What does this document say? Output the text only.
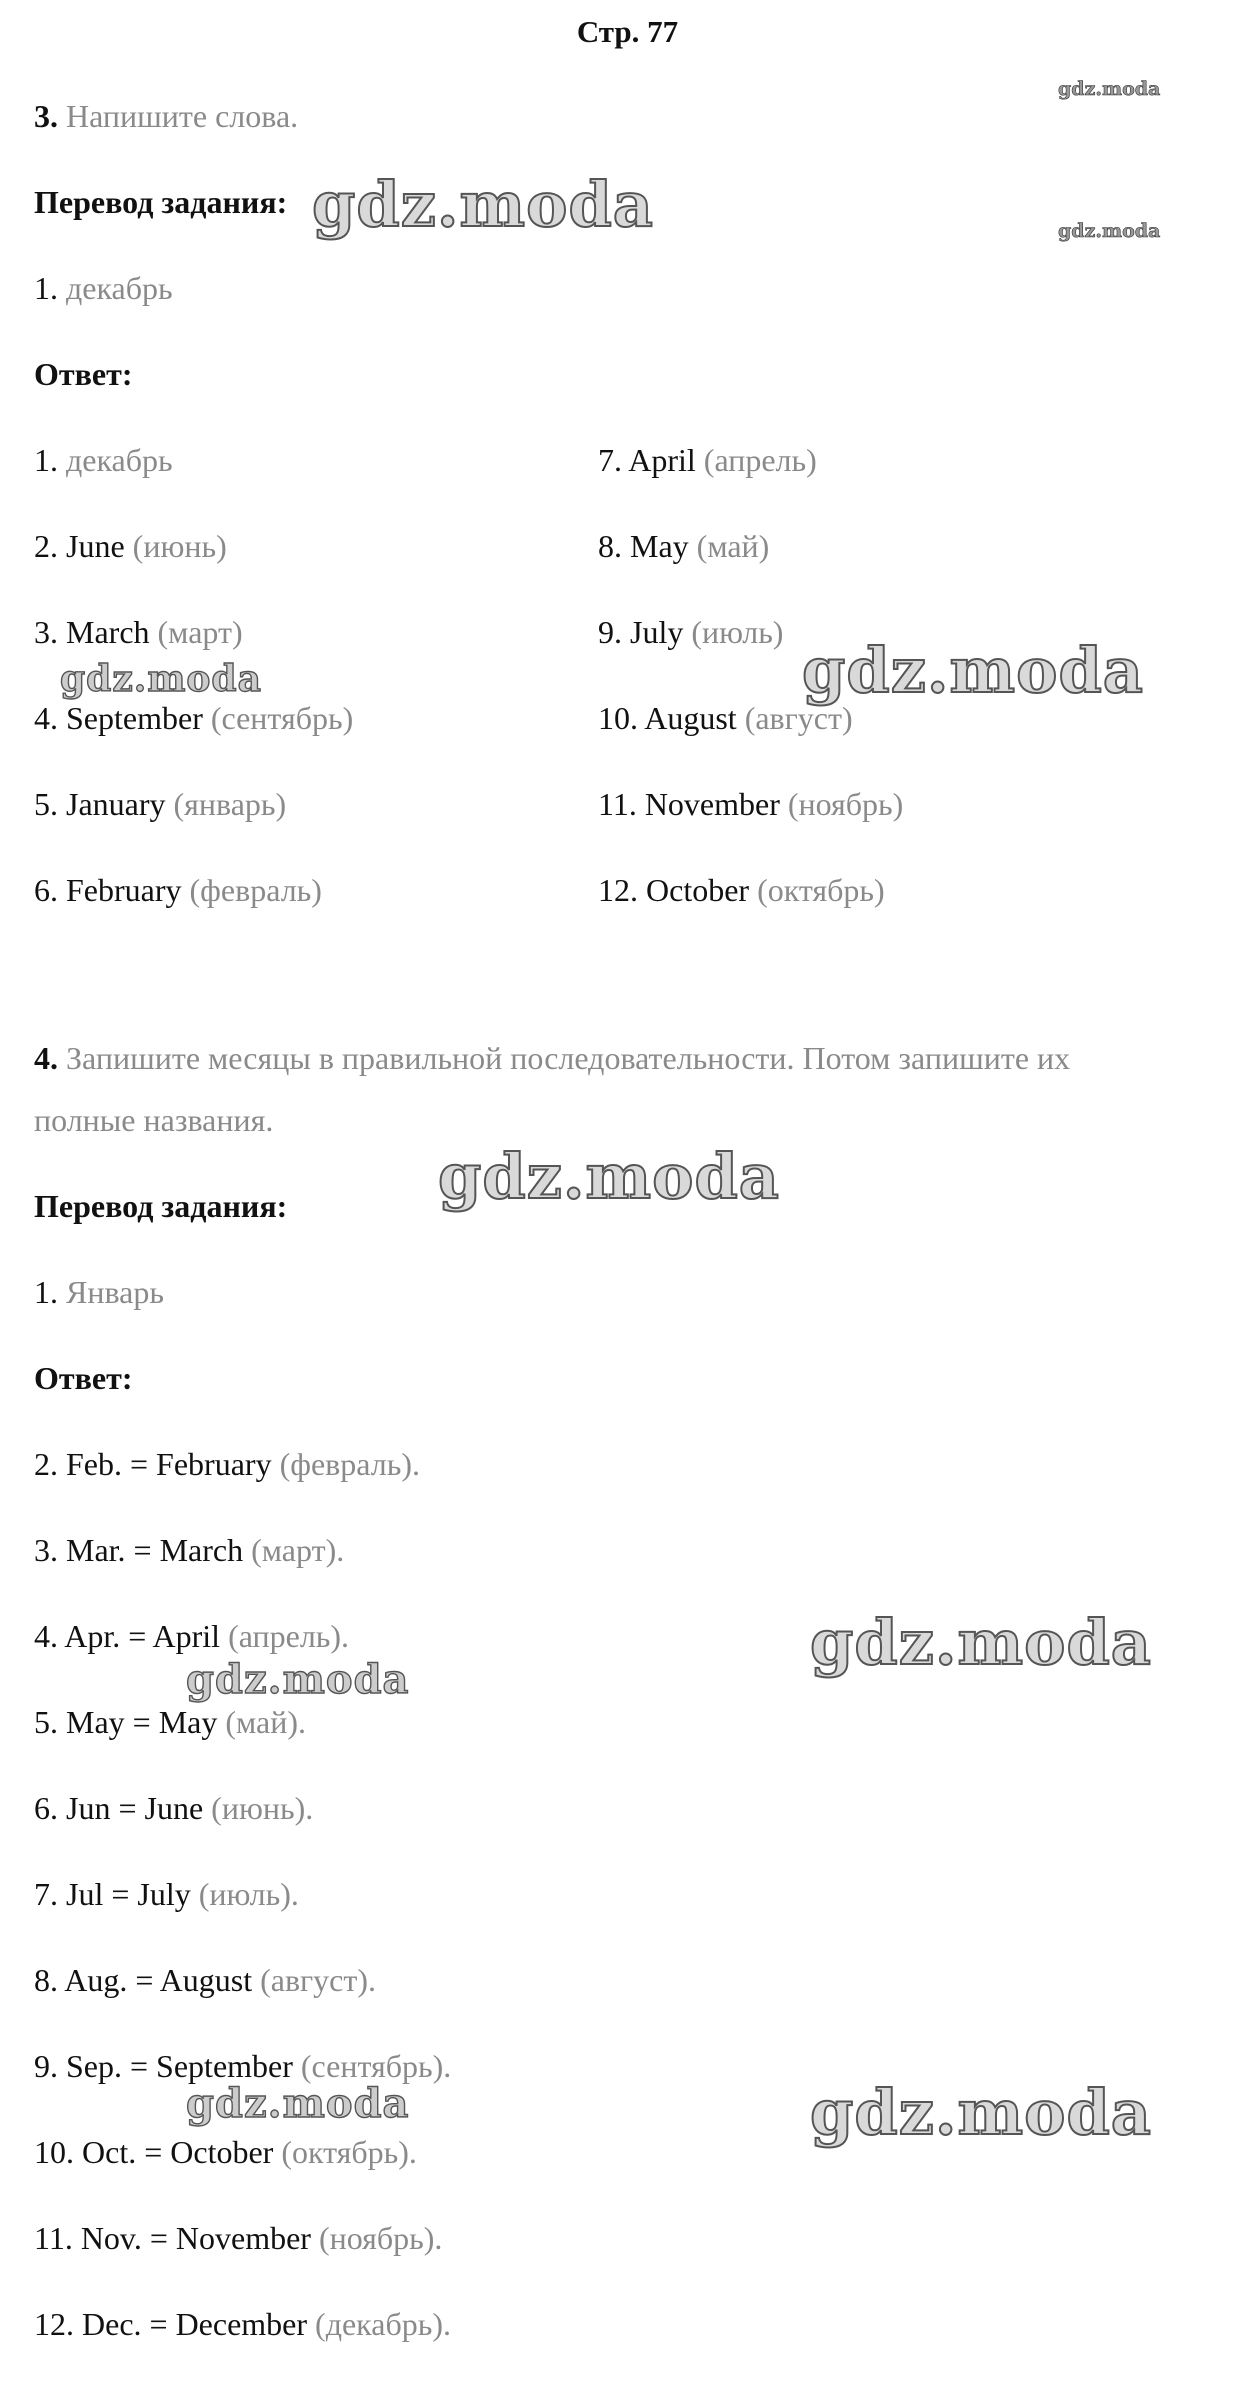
Стр. 77
3. Напишите слова.
Перевод задания:
1. декабрь
Ответ:
1. декабрь
2. June (июнь)
3. March (март)
4. September (сентябрь)
5. January (январь)
6. February (февраль)
7. April (апрель)
8. May (май)
9. July (июль)
10. August (август)
11. November (ноябрь)
12. October (октябрь)
4. Запишите месяцы в правильной последовательности. Потом запишите их
полные названия.
Перевод задания:
1. Январь
Ответ:
2. Feb. = February (февраль).
3. Mar. = March (март).
4. Apr. = April (апрель).
5. May = May (май).
6. Jun = June (июнь).
7. Jul = July (июль).
8. Aug. = August (август).
9. Sep. = September (сентябрь).
10. Oct. = October (октябрь).
11. Nov. = November (ноябрь).
12. Dec. = December (декабрь).
gdz.moda
gdz.moda	gdz.moda
gdz.moda	gdz.moda
gdz.moda
gdz.moda
gdz.moda
gdz.moda	gdz.moda
